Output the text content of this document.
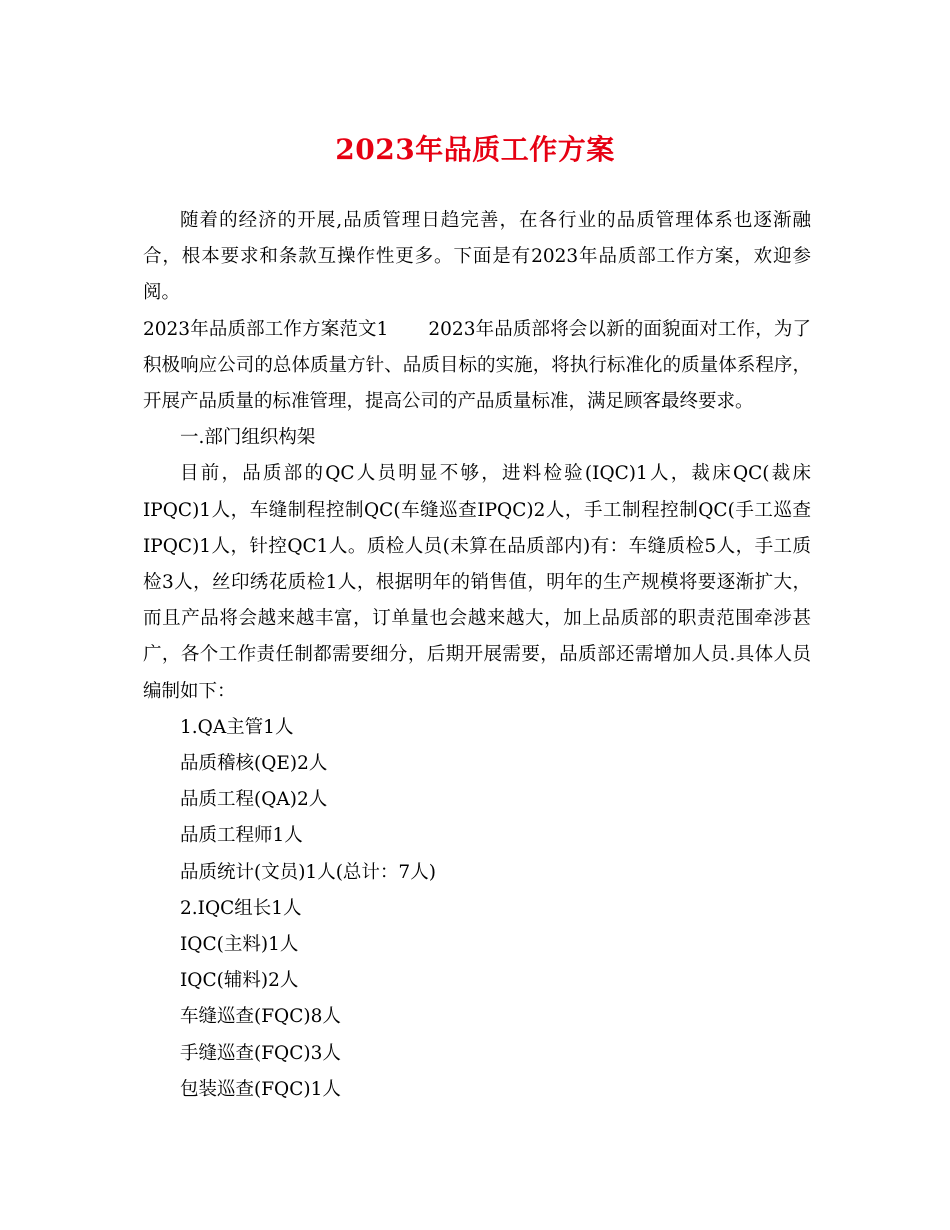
2023年品质工作方案

随着的经济的开展,品质管理日趋完善，在各行业的品质管理体系也逐渐融合，根本要求和条款互操作性更多。下面是有2023年品质部工作方案，欢迎参阅。

2023年品质部工作方案范文1 2023年品质部将会以新的面貌面对工作，为了积极响应公司的总体质量方针、品质目标的实施，将执行标准化的质量体系程序，开展产品质量的标准管理，提高公司的产品质量标准，满足顾客最终要求。

一.部门组织构架

目前，品质部的QC人员明显不够，进料检验(IQC)1人，裁床QC(裁床IPQC)1人，车缝制程控制QC(车缝巡查IPQC)2人，手工制程控制QC(手工巡查IPQC)1人，针控QC1人。质检人员(未算在品质部内)有：车缝质检5人，手工质检3人，丝印绣花质检1人，根据明年的销售值，明年的生产规模将要逐渐扩大，而且产品将会越来越丰富，订单量也会越来越大，加上品质部的职责范围牵涉甚广，各个工作责任制都需要细分，后期开展需要，品质部还需增加人员.具体人员编制如下：

1.QA主管1人

品质稽核(QE)2人

品质工程(QA)2人

品质工程师1人

品质统计(文员)1人(总计：7人)

2.IQC组长1人

IQC(主料)1人

IQC(辅料)2人

车缝巡查(FQC)8人

手缝巡查(FQC)3人

包装巡查(FQC)1人
